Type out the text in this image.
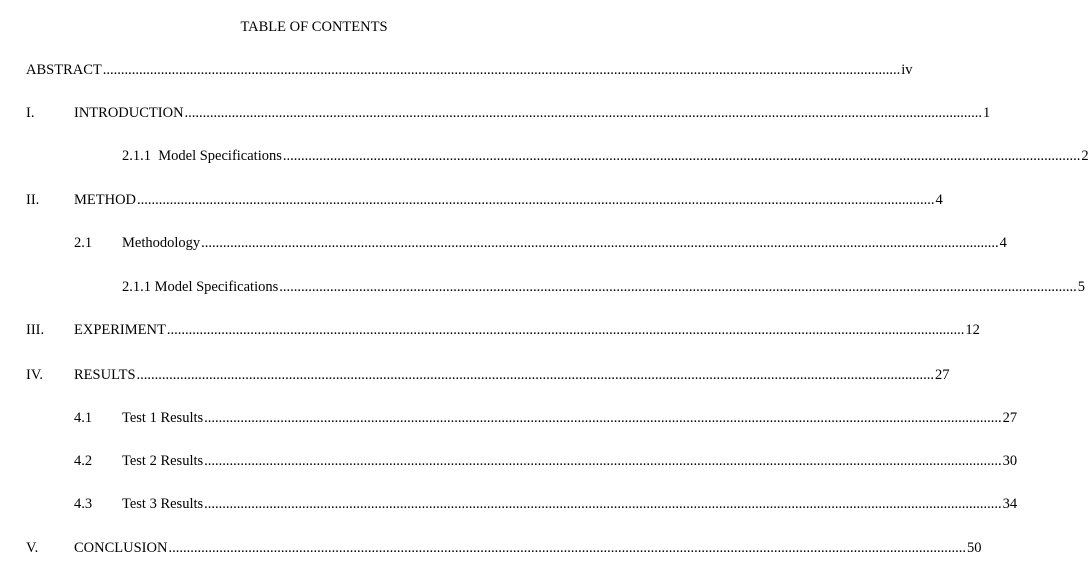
TABLE OF CONTENTS
ABSTRACT ............................................................................................................................................................................................................................ iv
I.	INTRODUCTION ............................................................................................................................................................................................................................ 1
2.1.1  Model Specifications ............................................................................................................................................................................................................................ 2
II. METHOD ............................................................................................................................................................................................................................ 4
2.1 Methodology ............................................................................................................................................................................................................................ 4
2.1.1 Model Specifications ............................................................................................................................................................................................................................ 5
III. EXPERIMENT ............................................................................................................................................................................................................................ 12
IV. RESULTS ............................................................................................................................................................................................................................ 27
4.1 Test 1 Results ............................................................................................................................................................................................................................ 27
4.2 Test 2 Results ............................................................................................................................................................................................................................ 30
4.3 Test 3 Results ............................................................................................................................................................................................................................ 34
V. CONCLUSION ............................................................................................................................................................................................................................ 50
